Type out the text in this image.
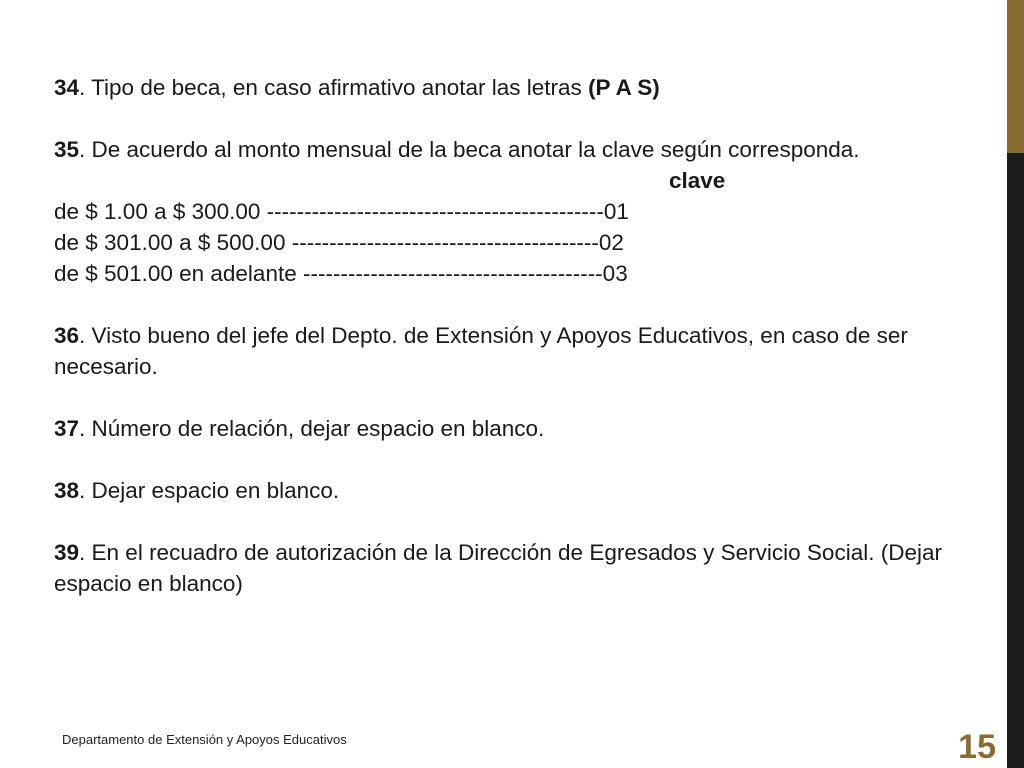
34. Tipo de beca, en caso afirmativo anotar las letras (P A S)
35. De acuerdo al monto mensual de la beca anotar la clave según corresponda.
clave
de $ 1.00 a $ 300.00 ---------------------------------------------01
de $ 301.00 a $ 500.00 -----------------------------------------02
de $ 501.00 en adelante ----------------------------------------03
36. Visto bueno del jefe del Depto. de Extensión y Apoyos Educativos, en caso de ser necesario.
37. Número de relación, dejar espacio en blanco.
38. Dejar espacio en blanco.
39. En el recuadro de autorización de la Dirección de Egresados y Servicio Social. (Dejar espacio en blanco)
Departamento de Extensión y Apoyos Educativos	15
